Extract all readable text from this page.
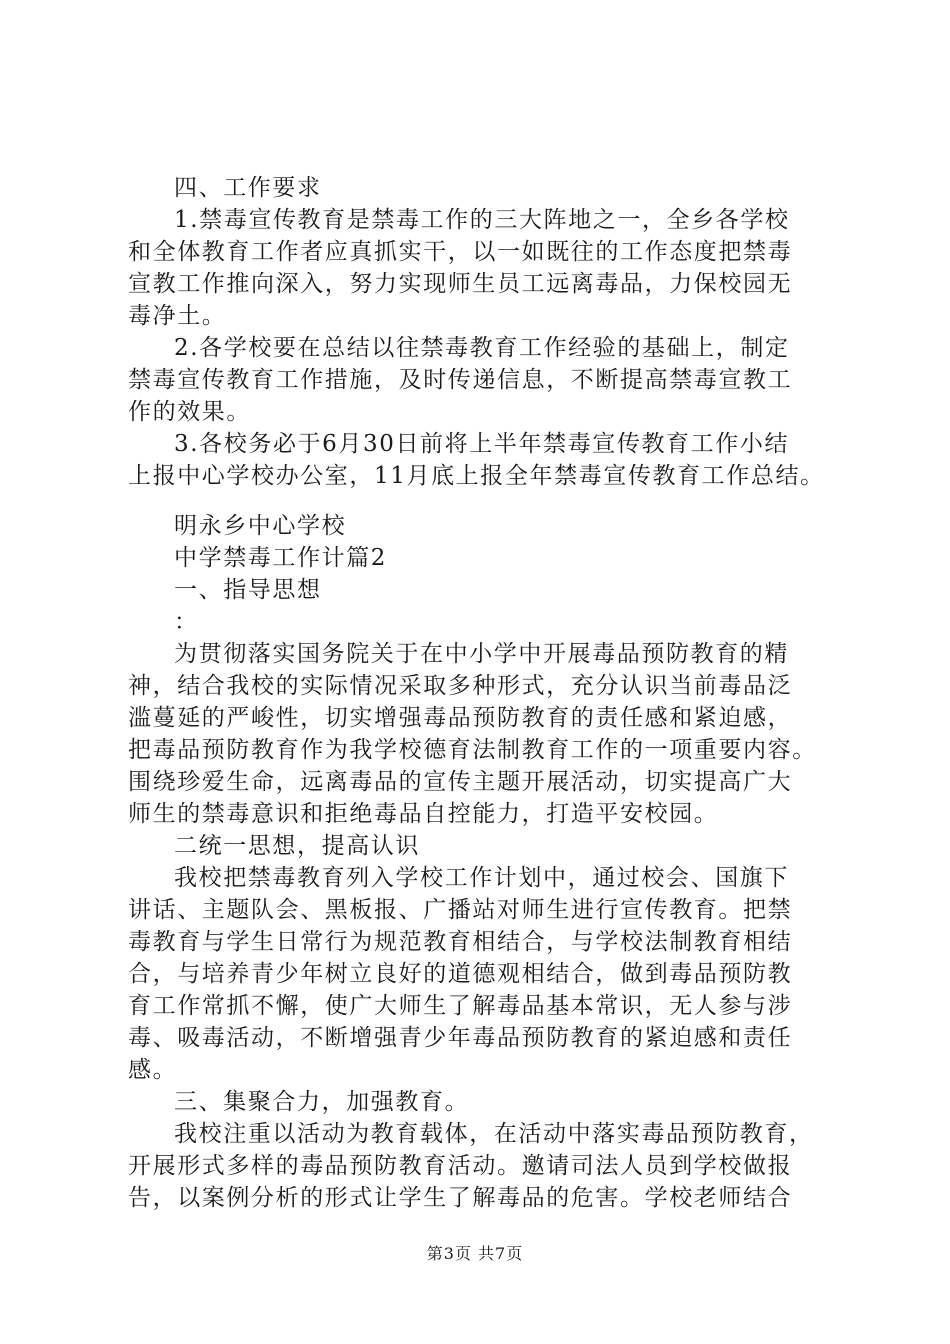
四、工作要求
1.禁毒宣传教育是禁毒工作的三大阵地之一，全乡各学校
和全体教育工作者应真抓实干，以一如既往的工作态度把禁毒
宣教工作推向深入，努力实现师生员工远离毒品，力保校园无
毒净土。
2.各学校要在总结以往禁毒教育工作经验的基础上，制定
禁毒宣传教育工作措施，及时传递信息，不断提高禁毒宣教工
作的效果。
3.各校务必于6月30日前将上半年禁毒宣传教育工作小结
上报中心学校办公室，11月底上报全年禁毒宣传教育工作总结。
明永乡中心学校
中学禁毒工作计篇2
一、指导思想
：
为贯彻落实国务院关于在中小学中开展毒品预防教育的精
神，结合我校的实际情况采取多种形式，充分认识当前毒品泛
滥蔓延的严峻性，切实增强毒品预防教育的责任感和紧迫感，
把毒品预防教育作为我学校德育法制教育工作的一项重要内容。
围绕珍爱生命，远离毒品的宣传主题开展活动，切实提高广大
师生的禁毒意识和拒绝毒品自控能力，打造平安校园。
二统一思想，提高认识
我校把禁毒教育列入学校工作计划中，通过校会、国旗下
讲话、主题队会、黑板报、广播站对师生进行宣传教育。把禁
毒教育与学生日常行为规范教育相结合，与学校法制教育相结
合，与培养青少年树立良好的道德观相结合，做到毒品预防教
育工作常抓不懈，使广大师生了解毒品基本常识，无人参与涉
毒、吸毒活动，不断增强青少年毒品预防教育的紧迫感和责任
感。
三、集聚合力，加强教育。
我校注重以活动为教育载体，在活动中落实毒品预防教育，
开展形式多样的毒品预防教育活动。邀请司法人员到学校做报
告，以案例分析的形式让学生了解毒品的危害。学校老师结合
第3页 共7页
